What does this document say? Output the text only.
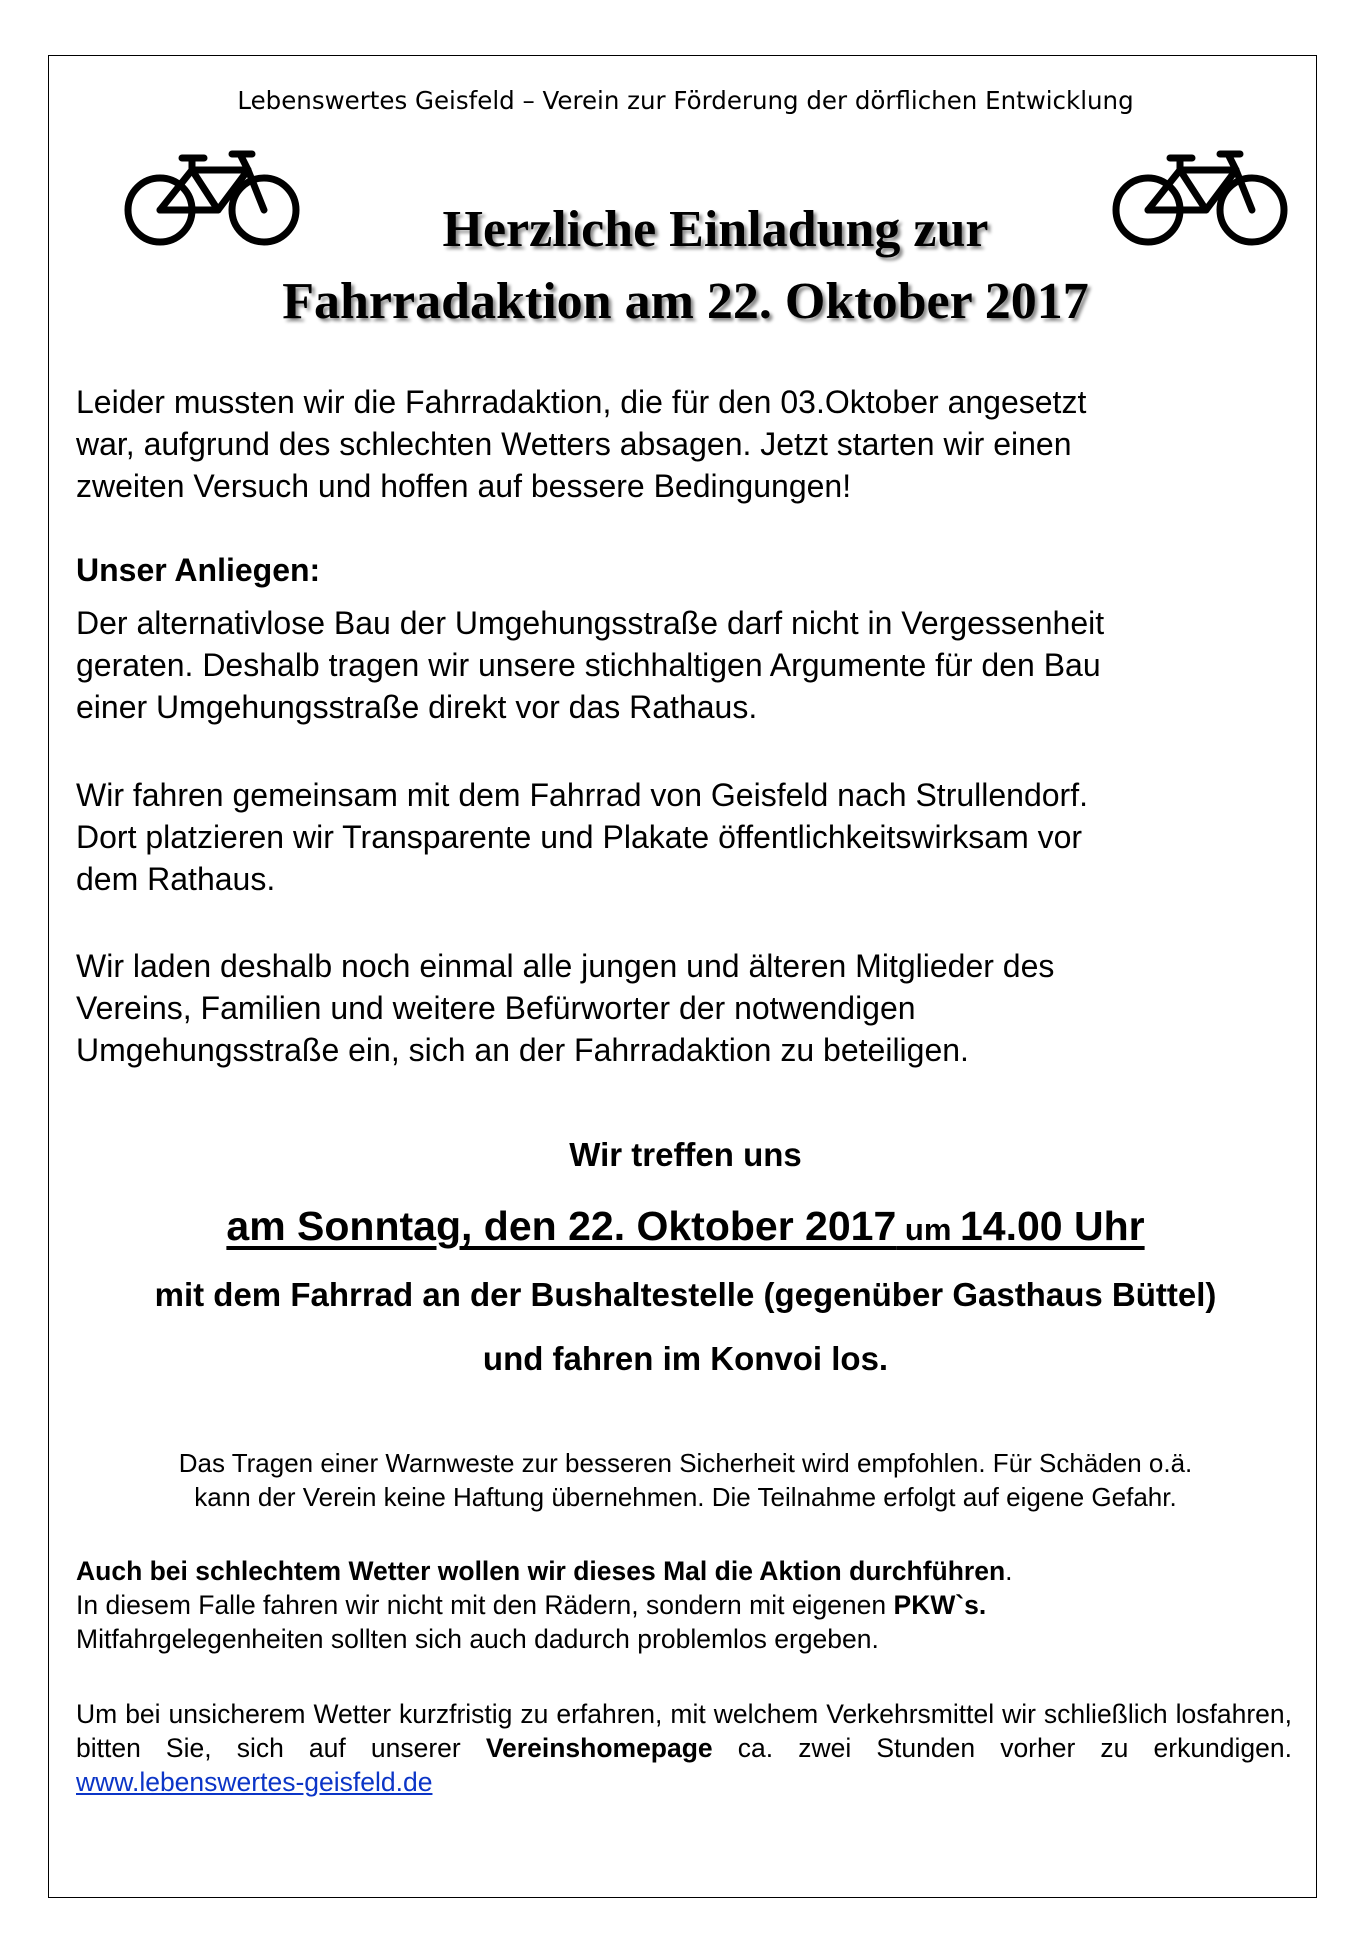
Lebenswertes Geisfeld – Verein zur Förderung der dörflichen Entwicklung
Herzliche Einladung zur
Fahrradaktion am 22. Oktober 2017
Leider mussten wir die Fahrradaktion, die für den 03.Oktober angesetzt
war, aufgrund des schlechten Wetters absagen. Jetzt starten wir einen
zweiten Versuch und hoffen auf bessere Bedingungen!
Unser Anliegen:
Der alternativlose Bau der Umgehungsstraße darf nicht in Vergessenheit
geraten. Deshalb tragen wir unsere stichhaltigen Argumente für den Bau
einer Umgehungsstraße direkt vor das Rathaus.
Wir fahren gemeinsam mit dem Fahrrad von Geisfeld nach Strullendorf.
Dort platzieren wir Transparente und Plakate öffentlichkeitswirksam vor
dem Rathaus.
Wir laden deshalb noch einmal alle jungen und älteren Mitglieder des
Vereins, Familien und weitere Befürworter der notwendigen
Umgehungsstraße ein, sich an der Fahrradaktion zu beteiligen.
Wir treffen uns
am Sonntag, den 22. Oktober 2017 um 14.00 Uhr
mit dem Fahrrad an der Bushaltestelle (gegenüber Gasthaus Büttel)
und fahren im Konvoi los.
Das Tragen einer Warnweste zur besseren Sicherheit wird empfohlen. Für Schäden o.ä.
kann der Verein keine Haftung übernehmen. Die Teilnahme erfolgt auf eigene Gefahr.
Auch bei schlechtem Wetter wollen wir dieses Mal die Aktion durchführen.
In diesem Falle fahren wir nicht mit den Rädern, sondern mit eigenen PKW`s.
Mitfahrgelegenheiten sollten sich auch dadurch problemlos ergeben.
Um bei unsicherem Wetter kurzfristig zu erfahren, mit welchem Verkehrsmittel wir schließlich losfahren, bitten Sie, sich auf unserer Vereinshomepage ca. zwei Stunden vorher zu erkundigen. www.lebenswertes-geisfeld.de
